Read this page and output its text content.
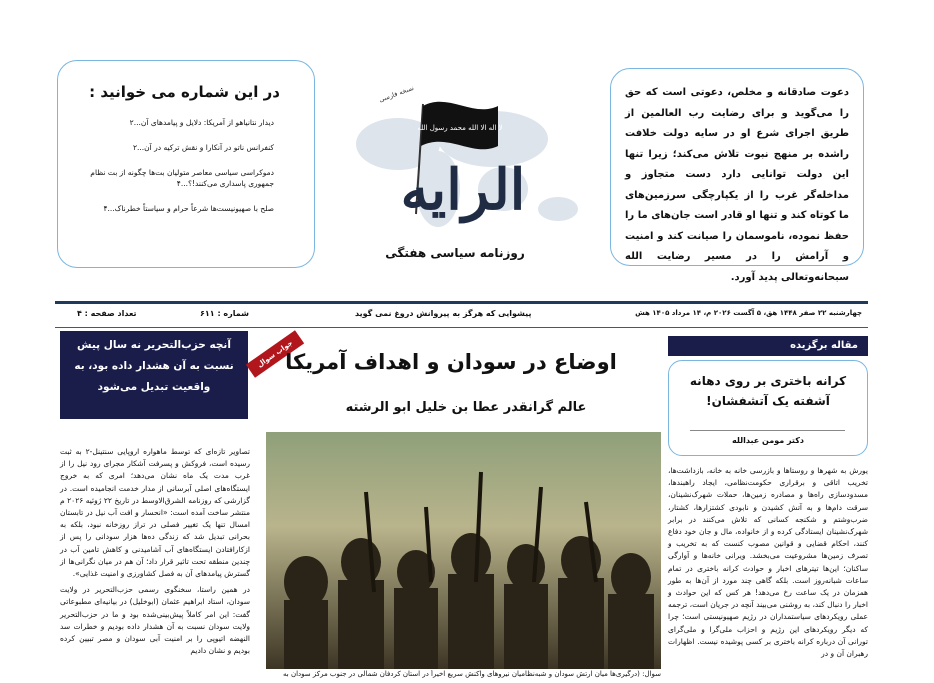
در این شماره می خوانید :
دیدار نتانیاهو از آمریکا: دلایل و پیامدهای آن...۲
کنفرانس ناتو در آنکارا و نقش ترکیه در آن...۲
دموکراسی سیاسی معاصر متولیان بت‌ها چگونه از بت نظام جمهوری پاسداری می‌کنند!؟...۴
صلح با صهیونیست‌ها شرعاً حرام و سیاستاً خطرناک...۴
لا اله الا الله محمد رسول الله
نسخه فارسی
الرايه
روزنامه سیاسی هفتگی
دعوت صادقانه و مخلص، دعوتی است که حق را می‌گوید و برای رضایت رب العالمین از طریق اجرای شرع او در سایه دولت خلافت راشده بر منهج نبوت تلاش می‌کند؛ زیرا تنها این دولت توانایی دارد دست متجاوز و مداخله‌گر غرب را از یکپارچگی سرزمین‌های ما کوتاه کند و تنها او قادر است جان‌های ما را حفظ نموده، ناموسمان را صیانت کند و امنیت و آرامش را در مسیر رضایت الله سبحانه‌وتعالی پدید آورد.
چهارشنبه ۲۲ صفر ۱۴۴۸ هق، ۵ آگست ۲۰۲۶ م، ۱۴ مرداد ۱۴۰۵ هش
پیشوایی که هرگز به پیروانش دروغ نمی گوید
شماره : ۶۱۱
تعداد صفحه : ۴
آنچه حزب‌التحریر نه سال پیش نسبت به آن هشدار داده بود، به واقعیت تبدیل می‌شود

تصاویر تازه‌ای که توسط ماهواره اروپایی سنتینل-۲ به ثبت رسیده است، فروکش و پسرفت آشکار مجرای رود نیل را از غرب مدت یک ماه نشان می‌دهد؛ امری که به خروج ایستگاه‌های اصلی آبرسانی از مدار خدمت انجامیده است. در گزارشی که روزنامه الشرق‌الاوسط در تاریخ ۲۲ ژوئیه ۲۰۲۶ م منتشر ساخت آمده است: «انحسار و افت آب نیل در تابستان امسال تنها یک تغییر فصلی در تراز روزخانه نبود، بلکه به بحرانی تبدیل شد که زندگی ده‌ها هزار سودانی را پس از ازکارافتادن ایستگاه‌های آب آشامیدنی و کاهش تامین آب در چندین منطقه تحت تاثیر قرار داد؛ آن هم در میان نگرانی‌ها از گسترش پیامدهای آن به فصل کشاورزی و امنیت غذایی».

در همین راستا، سخنگوی رسمی حزب‌التحریر در ولایت سودان، استاد ابراهیم عثمان (ابوخلیل) در بیانیه‌ای مطبوعاتی گفت: این امر کاملاً پیش‌بینی‌شده بود و ما در حزب‌التحریر ولایت سودان نسبت به آن هشدار داده بودیم و خطرات سد النهضه اتیوپی را بر امنیت آبی سودان و مصر تبیین کرده بودیم و نشان دادیم

جواب سوال
اوضاع در سودان و اهداف آمریکا
عالم گرانقدر عطا بن خلیل ابو الرشته
سوال: (درگیری‌ها میان ارتش سودان و شبه‌نظامیان نیروهای واکنش سریع اخیراً در استان کردفان شمالی در جنوب مرکز سودان به
مقاله برگزیده
کرانه باختری بر روی دهانه آشفته یک آتشفشان!
دکتر مومن عبدالله
یورش به شهرها و روستاها و بازرسی خانه به خانه، بازداشت‌ها، تخریب اتاقی و برقراری حکومت‌نظامی، ایجاد راهبندها، مسدودسازی راه‌ها و مصادره زمین‌ها، حملات شهرک‌نشینان، سرقت دام‌ها و به آتش کشیدن و نابودی کشتزارها، کشتار، ضرب‌وشتم و شکنجه کسانی که تلاش می‌کنند در برابر شهرک‌نشینان ایستادگی کرده و از خانواده، مال و جان خود دفاع کنند، احکام قضایی و قوانین مصوب کنست که به تخریب و تصرف زمین‌ها مشروعیت می‌بخشد. ویرانی خانه‌ها و آوارگی ساکنان؛ این‌ها تیترهای اخبار و حوادث کرانه باختری در تمام ساعات شبانه‌روز است. بلکه گاهی چند مورد از آن‌ها به طور همزمان در یک ساعت رخ می‌دهد! هر کس که این حوادث و اخبار را دنبال کند، به روشنی می‌بیند آنچه در جریان است، ترجمه عملی رویکردهای سیاستمداران در رژیم صهیونیستی است؛ چرا که دیگر رویکردهای این رژیم و احزاب ملی‌گرا و ملی‌گرای تورانی آن درباره کرانه باختری بر کسی پوشیده نیست. اظهارات رهبران آن و در
